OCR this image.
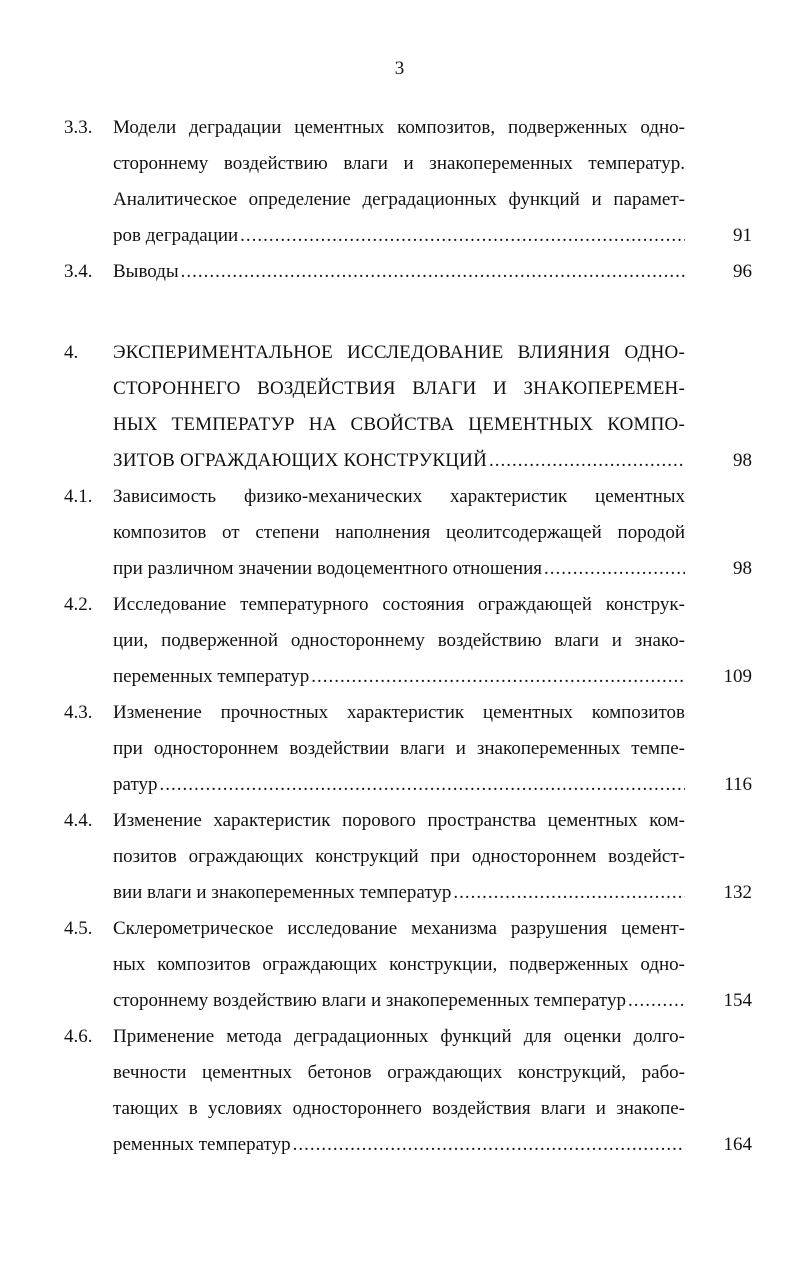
3
3.3. Модели деградации цементных композитов, подверженных одно-
стороннему воздействию влаги и знакопеременных температур.
Аналитическое определение деградационных функций и парамет-
ров деградации .....	91
3.4. Выводы .....	96
4. ЭКСПЕРИМЕНТАЛЬНОЕ ИССЛЕДОВАНИЕ ВЛИЯНИЯ ОДНО-
СТОРОННЕГО ВОЗДЕЙСТВИЯ ВЛАГИ И ЗНАКОПЕРЕМЕН-
НЫХ ТЕМПЕРАТУР НА СВОЙСТВА ЦЕМЕНТНЫХ КОМПО-
ЗИТОВ ОГРАЖДАЮЩИХ КОНСТРУКЦИЙ .....	98
4.1. Зависимость физико-механических характеристик цементных
композитов от степени наполнения цеолитсодержащей породой
при различном значении водоцементного отношения .....	98
4.2. Исследование температурного состояния ограждающей конструк-
ции, подверженной одностороннему воздействию влаги и знако-
переменных температур .....	109
4.3. Изменение прочностных характеристик цементных композитов
при одностороннем воздействии влаги и знакопеременных темпе-
ратур .....	116
4.4. Изменение характеристик порового пространства цементных ком-
позитов ограждающих конструкций при одностороннем воздейст-
вии влаги и знакопеременных температур .....	132
4.5. Склерометрическое исследование механизма разрушения цемент-
ных композитов ограждающих конструкции, подверженных одно-
стороннему воздействию влаги и знакопеременных температур .....	154
4.6. Применение метода деградационных функций для оценки долго-
вечности цементных бетонов ограждающих конструкций, рабо-
тающих в условиях одностороннего воздействия влаги и знакопе-
ременных температур .....	164
